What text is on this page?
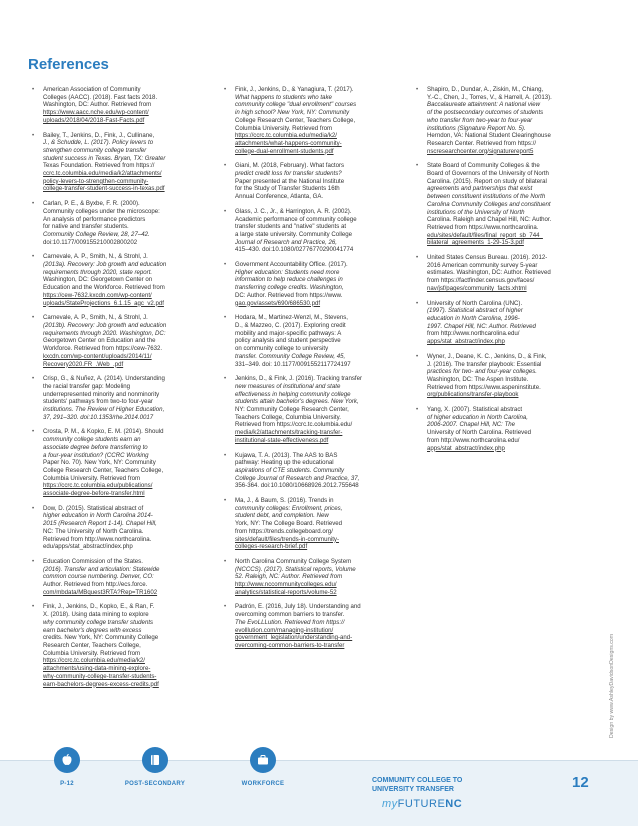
References
• American Association of Community
Colleges (AACC). (2018). Fast facts 2018.
Washington, DC: Author. Retrieved from
https://www.aacc.nche.edu/wp-content/
uploads/2018/04/2018-Fast-Facts.pdf
• Bailey, T., Jenkins, D., Fink, J., Cullinane,
J., & Schudde, L. (2017). Policy levers to
strengthen community college transfer
student success in Texas. Bryan, TX: Greater
Texas Foundation. Retrieved from https://
ccrc.tc.columbia.edu/media/k2/attachments/
policy-levers-to-strengthen-community-
college-transfer-student-success-in-texas.pdf
• Carlan, P. E., & Byxbe, F. R. (2000).
Community colleges under the microscope:
An analysis of performance predictors
for native and transfer students.
Community College Review, 28, 27–42.
doi:10.1177/009155210002800202
• Carnevale, A. P., Smith, N., & Strohl, J.
(2013a). Recovery: Job growth and education
requirements through 2020, state report.
Washington, DC: Georgetown Center on
Education and the Workforce. Retrieved from
https://cew-7632.kxcdn.com/wp-content/
uploads/StateProjections_6.1.15_agc_v2.pdf
• Carnevale, A. P., Smith, N., & Strohl, J.
(2013b). Recovery: Job growth and education
requirements through 2020. Washington, DC:
Georgetown Center on Education and the
Workforce. Retrieved from https://cew-7632.
kxcdn.com/wp-content/uploads/2014/11/
Recovery2020.FR_.Web_.pdf
• Crisp, G., & Nuñez, A. (2014). Understanding
the racial transfer gap: Modeling
underrepresented minority and nonminority
students' pathways from two-to four-year
institutions. The Review of Higher Education,
37, 291–320. doi:10.1353/rhe.2014.0017
• Crosta, P. M., & Kopko, E. M. (2014). Should
community college students earn an
associate degree before transferring to
a four-year institution? (CCRC Working
Paper No. 70). New York, NY: Community
College Research Center, Teachers College,
Columbia University. Retrieved from
https://ccrc.tc.columbia.edu/publications/
associate-degree-before-transfer.html
• Dow, D. (2015). Statistical abstract of
higher education in North Carolina 2014-
2015 (Research Report 1-14). Chapel Hill,
NC: The University of North Carolina.
Retrieved from http://www.northcarolina.
edu/apps/stat_abstract/index.php
• Education Commission of the States.
(2016). Transfer and articulation: Statewide
common course numbering. Denver, CO:
Author. Retrieved from http://ecs.force.
com/mbdata/MBquest3RTA?Rep=TR1602
• Fink, J., Jenkins, D., Kopko, E., & Ran, F.
X. (2018). Using data mining to explore
why community college transfer students
earn bachelor's degrees with excess
credits. New York, NY: Community College
Research Center, Teachers College,
Columbia University. Retrieved from
https://ccrc.tc.columbia.edu/media/k2/
attachments/using-data-mining-explore-
why-community-college-transfer-students-
earn-bachelors-degrees-excess-credits.pdf
• Fink, J., Jenkins, D., & Yanagiura, T. (2017).
What happens to students who take
community college "dual enrollment" courses
in high school? New York, NY: Community
College Research Center, Teachers College,
Columbia University. Retrieved from
https://ccrc.tc.columbia.edu/media/k2/
attachments/what-happens-community-
college-dual-enrollment-students.pdf
• Giani, M. (2018, February). What factors
predict credit loss for transfer students?
Paper presented at the National Institute
for the Study of Transfer Students 16th
Annual Conference, Atlanta, GA.
• Glass, J. C., Jr., & Harrington, A. R. (2002).
Academic performance of community college
transfer students and "native" students at
a large state university. Community College
Journal of Research and Practice, 26,
415–430. doi:10.1080/02776770290041774
• Government Accountability Office. (2017).
Higher education: Students need more
information to help reduce challenges in
transferring college credits. Washington,
DC: Author. Retrieved from https://www.
gao.gov/assets/690/686530.pdf
• Hodara, M., Martinez-Wenzl, M., Stevens,
D., & Mazzeo, C. (2017). Exploring credit
mobility and major-specific pathways: A
policy analysis and student perspective
on community college to university
transfer. Community College Review, 45,
331–349. doi: 10.1177/0091552117724197
• Jenkins, D., & Fink, J. (2016). Tracking transfer
new measures of institutional and state
effectiveness in helping community college
students attain bachelor's degrees. New York,
NY: Community College Research Center,
Teachers College, Columbia University.
Retrieved from https://ccrc.tc.columbia.edu/
media/k2/attachments/tracking-transfer-
institutional-state-effectiveness.pdf
• Kujawa, T. A. (2013). The AAS to BAS
pathway: Heating up the educational
aspirations of CTE students. Community
College Journal of Research and Practice, 37,
356-364. doi:10.1080/10668926.2012.755648
• Ma, J., & Baum, S. (2016). Trends in
community colleges: Enrollment, prices,
student debt, and completion. New
York, NY: The College Board. Retrieved
from https://trends.collegeboard.org/
sites/default/files/trends-in-community-
colleges-research-brief.pdf
• North Carolina Community College System
(NCCCS). (2017). Statistical reports, Volume
52. Raleigh, NC: Author. Retrieved from
http://www.nccommunitycolleges.edu/
analytics/statistical-reports/volume-52
• Padrón, E. (2016, July 18). Understanding and
overcoming common barriers to transfer.
The EvoLLLution. Retrieved from https://
evolllution.com/managing-institution/
government_legislation/understanding-and-
overcoming-common-barriers-to-transfer
• Shapiro, D., Dundar, A., Ziskin, M., Chiang,
Y.-C., Chen, J., Torres, V., & Harrell, A. (2013).
Baccalaureate attainment: A national view
of the postsecondary outcomes of students
who transfer from two-year to four-year
institutions (Signature Report No. 5).
Herndon, VA: National Student Clearinghouse
Research Center. Retrieved from https://
nscresearchcenter.org/signaturereport5
• State Board of Community Colleges & the
Board of Governors of the University of North
Carolina. (2015). Report on study of bilateral
agreements and partnerships that exist
between constituent institutions of the North
Carolina Community Colleges and constituent
institutions of the University of North
Carolina. Raleigh and Chapel Hill, NC: Author.
Retrieved from https://www.northcarolina.
edu/sites/default/files/final_report_sb_744_
bilateral_agreements_1-29-15-3.pdf
• United States Census Bureau. (2016). 2012-
2016 American community survey 5-year
estimates. Washington, DC: Author. Retrieved
from https://factfinder.census.gov/faces/
nav/jsf/pages/community_facts.xhtml
• University of North Carolina (UNC).
(1997). Statistical abstract of higher
education in North Carolina, 1996-
1997. Chapel Hill, NC: Author. Retrieved
from http://www.northcarolina.edu/
apps/stat_abstract/index.php
• Wyner, J., Deane, K. C., Jenkins, D., & Fink,
J. (2016). The transfer playbook: Essential
practices for two- and four-year colleges.
Washington, DC: The Aspen Institute.
Retrieved from https://www.aspeninstitute.
org/publications/transfer-playbook
• Yang, X. (2007). Statistical abstract
of higher education in North Carolina,
2006-2007. Chapel Hill, NC: The
University of North Carolina. Retrieved
from http://www.northcarolina.edu/
apps/stat_abstract/index.php
Design by www.AshleyDavidsonDesigns.com
P-12	POST-SECONDARY	WORKFORCE	COMMUNITY COLLEGE TO
UNIVERSITY TRANSFER
myFUTURENC
12
